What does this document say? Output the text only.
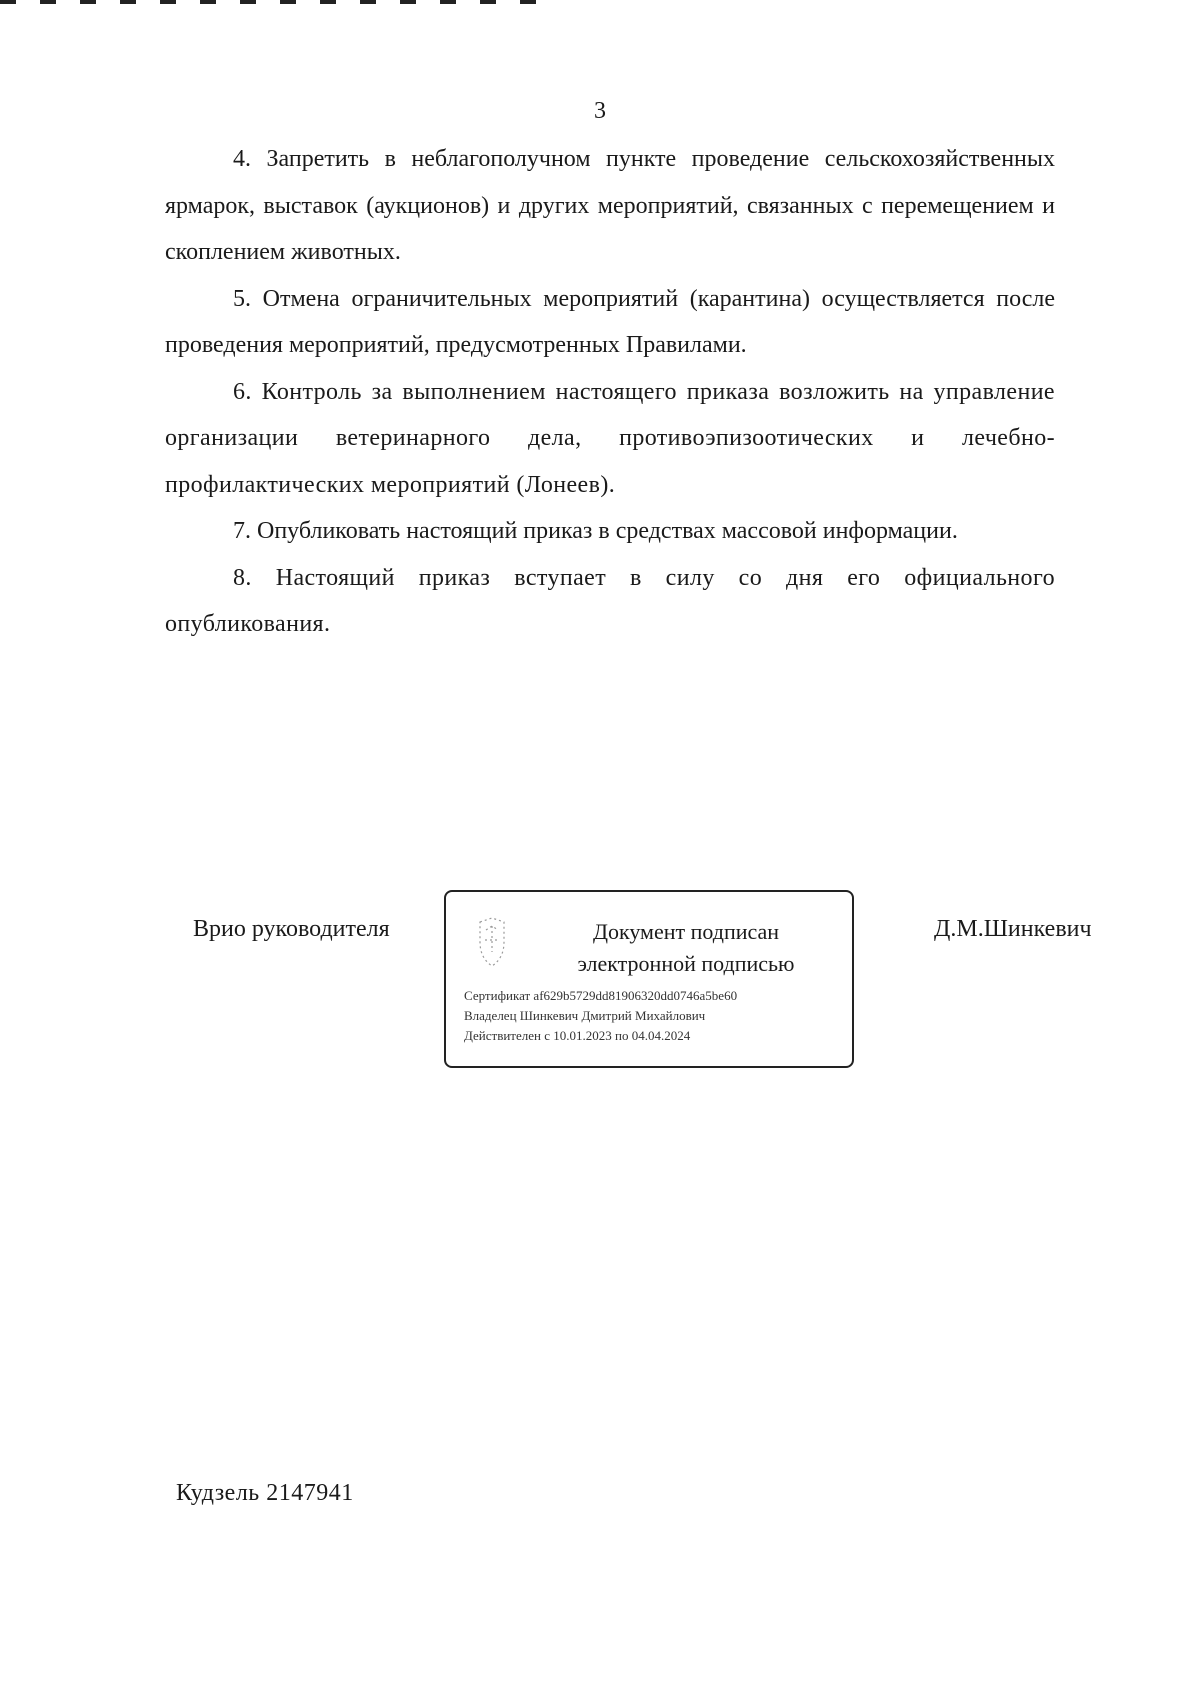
3

4. Запретить в неблагополучном пункте проведение сельскохозяйственных ярмарок, выставок (аукционов) и других мероприятий, связанных с перемещением и скоплением животных.

5. Отмена ограничительных мероприятий (карантина) осуществляется после проведения мероприятий, предусмотренных Правилами.

6. Контроль за выполнением настоящего приказа возложить на управление организации ветеринарного дела, противоэпизоотических и лечебно-профилактических мероприятий (Лонеев).

7. Опубликовать настоящий приказ в средствах массовой информации.

8. Настоящий приказ вступает в силу со дня его официального опубликования.

Врио руководителя	Документ подписан
электронной подписью
Сертификат af629b5729dd81906320dd0746a5be60
Владелец Шинкевич Дмитрий Михайлович
Действителен с 10.01.2023 по 04.04.2024
Д.М.Шинкевич
Кудзель 2147941
